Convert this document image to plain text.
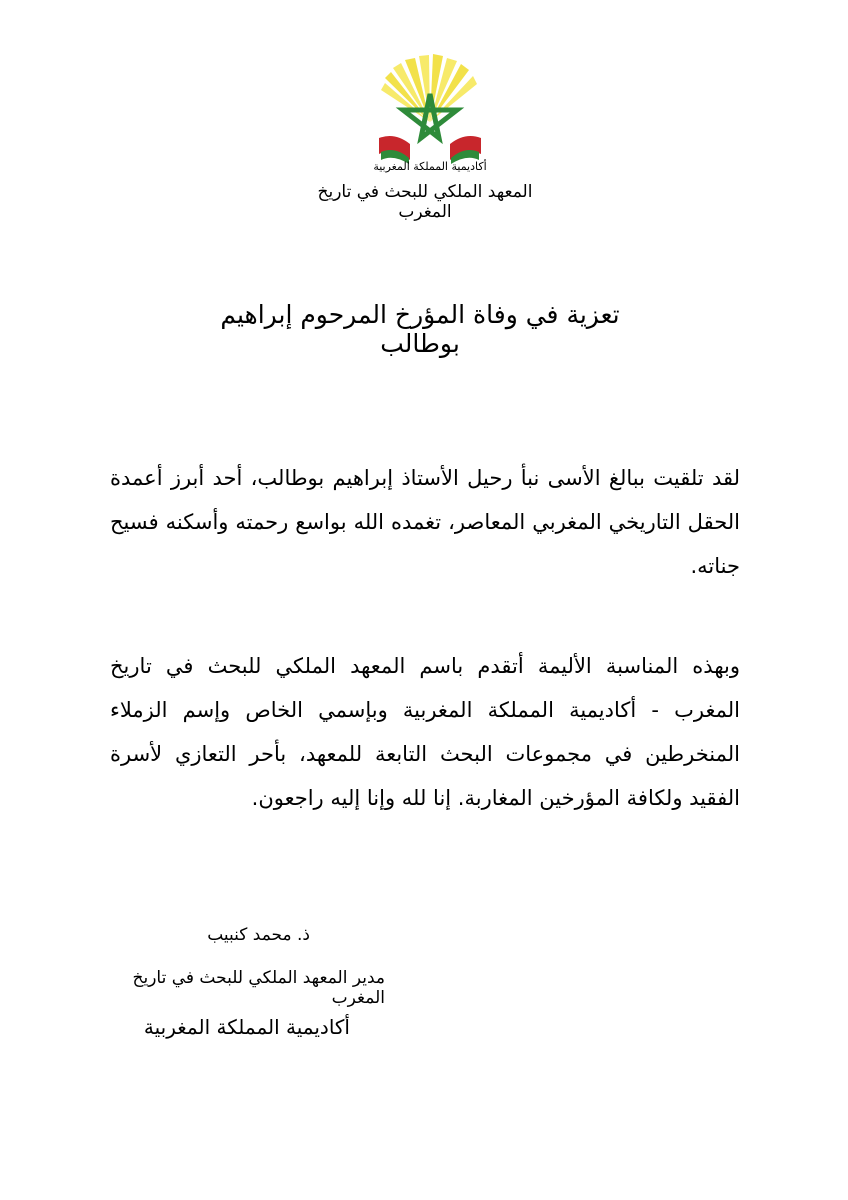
أكاديمية المملكة المغربية
المعهد الملكي للبحث في تاريخ المغرب
تعزية في وفاة المؤرخ المرحوم إبراهيم بوطالب
لقد تلقيت ببالغ الأسى نبأ رحيل الأستاذ إبراهيم بوطالب، أحد أبرز أعمدة الحقل التاريخي المغربي المعاصر، تغمده الله بواسع رحمته وأسكنه فسيح جناته.
وبهذه المناسبة الأليمة أتقدم باسم المعهد الملكي للبحث في تاريخ المغرب - أكاديمية المملكة المغربية وبإسمي الخاص وإسم الزملاء المنخرطين في مجموعات البحث التابعة للمعهد، بأحر التعازي لأسرة الفقيد ولكافة المؤرخين المغاربة. إنا لله وإنا إليه راجعون.
ذ. محمد كنبيب
مدير المعهد الملكي للبحث في تاريخ المغرب
أكاديمية المملكة المغربية
